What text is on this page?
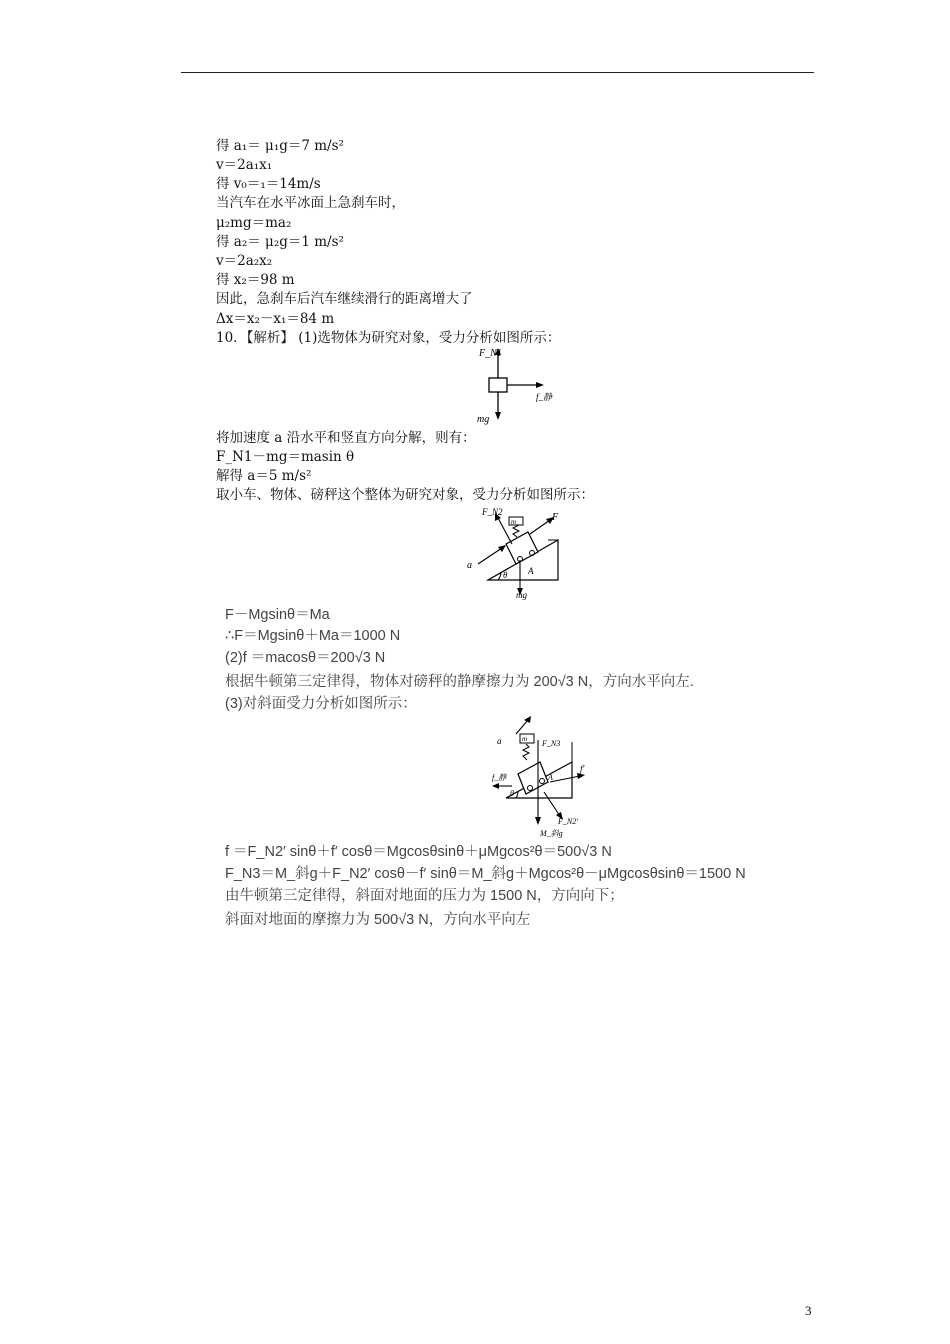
得 a₁＝ μ₁g＝7 m/s²
v＝2a₁x₁
得 v₀＝₁＝14m/s
当汽车在水平冰面上急刹车时，
μ₂mg＝ma₂
得 a₂＝ μ₂g＝1 m/s²
v＝2a₂x₂
得 x₂＝98 m
因此，急刹车后汽车继续滑行的距离增大了
Δx＝x₂－x₁＝84 m
10．【解析】 (1)选物体为研究对象，受力分析如图所示：
F_N1
f_静
mg
将加速度 a 沿水平和竖直方向分解，则有：
F_N1－mg＝masin θ
解得 a＝5 m/s²
取小车、物体、磅秤这个整体为研究对象，受力分析如图所示：
m
F_N2	F
a
θ A
mg
F－Mgsinθ＝Ma
∴F＝Mgsinθ＋Ma＝1000 N
(2)f ＝macosθ＝200√3 N
根据牛顿第三定律得，物体对磅秤的静摩擦力为 200√3 N，方向水平向左.
(3)对斜面受力分析如图所示：
m
a	F_N3
f′
f_静
θ
A
F_N2′
M_斜g
f ＝F_N2′ sinθ＋f′ cosθ＝Mgcosθsinθ＋μMgcos²θ＝500√3 N
F_N3＝M_斜g＋F_N2′ cosθ－f′ sinθ＝M_斜g＋Mgcos²θ－μMgcosθsinθ＝1500 N
由牛顿第三定律得，斜面对地面的压力为 1500 N，方向向下；
斜面对地面的摩擦力为 500√3 N，方向水平向左
3
